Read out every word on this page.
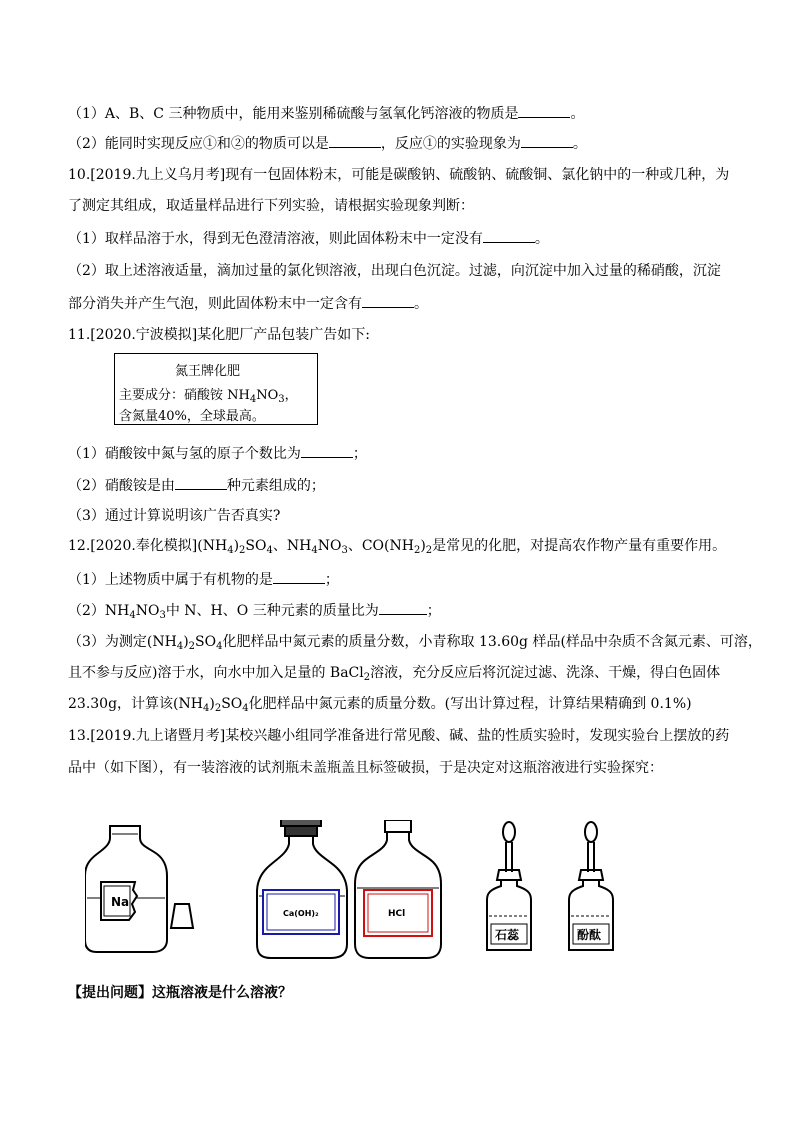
（1）A、B、C 三种物质中，能用来鉴别稀硫酸与氢氧化钙溶液的物质是	。
（2）能同时实现反应①和②的物质可以是	，反应①的实验现象为	。
10.[2019.九上义乌月考]现有一包固体粉末，可能是碳酸钠、硫酸钠、硫酸铜、氯化钠中的一种或几种，为
了测定其组成，取适量样品进行下列实验，请根据实验现象判断：
（1）取样品溶于水，得到无色澄清溶液，则此固体粉末中一定没有	。
（2）取上述溶液适量，滴加过量的氯化钡溶液，出现白色沉淀。过滤，向沉淀中加入过量的稀硝酸，沉淀
部分消失并产生气泡，则此固体粉末中一定含有	。
11.[2020.宁波模拟]某化肥厂产品包装广告如下:
氮王牌化肥
主要成分：硝酸铵 $NH_4NO_3$，
含氮量40%，全球最高。
（1）硝酸铵中氮与氢的原子个数比为	；
（2）硝酸铵是由	种元素组成的；
（3）通过计算说明该广告否真实?
12.[2020.奉化模拟]$(NH_4)_2SO_4$、$NH_4NO_3$、$CO(NH_2)_2$是常见的化肥，对提高农作物产量有重要作用。
（1）上述物质中属于有机物的是	；
$(2)NH_4NO_3$中 N、H、O 三种元素的质量比为	；
（3）为测定$(NH_4)_2SO_4$化肥样品中氮元素的质量分数，小青称取 13.60g 样品(样品中杂质不含氮元素、可溶，
且不参与反应)溶于水，向水中加入足量的 BaCl$_2$溶液，充分反应后将沉淀过滤、洗涤、干燥，得白色固体
23.30g，计算该$(NH_4)_2SO_4$化肥样品中氮元素的质量分数。(写出计算过程，计算结果精确到 0.1%)
13.[2019.九上诸暨月考]某校兴趣小组同学准备进行常见酸、碱、盐的性质实验时，发现实验台上摆放的药
品中（如下图），有一装溶液的试剂瓶未盖瓶盖且标签破损，于是决定对这瓶溶液进行实验探究：
Na
Ca(OH)₂	HCl
石蕊	酚酞
【提出问题】这瓶溶液是什么溶液？
